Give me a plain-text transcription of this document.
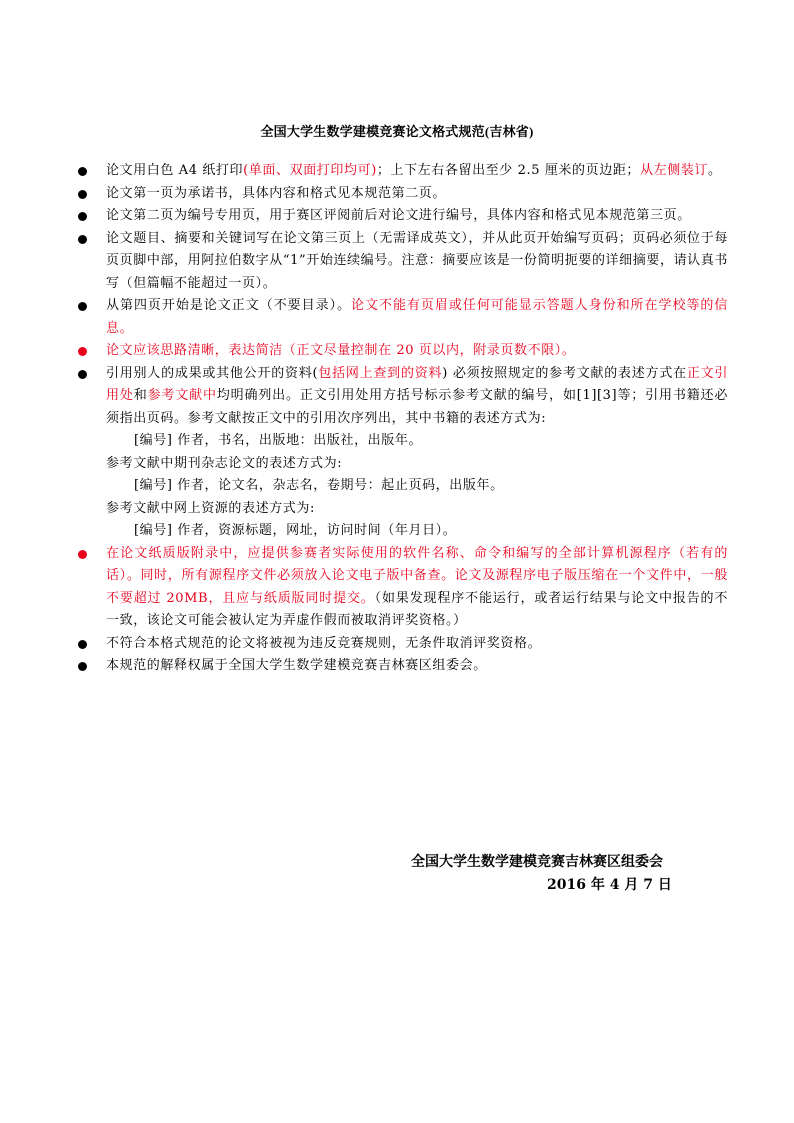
全国大学生数学建模竞赛论文格式规范(吉林省)
论文用白色 A4 纸打印(单面、双面打印均可)；上下左右各留出至少 2.5 厘米的页边距；从左侧装订。
论文第一页为承诺书，具体内容和格式见本规范第二页。
论文第二页为编号专用页，用于赛区评阅前后对论文进行编号，具体内容和格式见本规范第三页。
论文题目、摘要和关键词写在论文第三页上（无需译成英文），并从此页开始编写页码；页码必须位于每页页脚中部，用阿拉伯数字从“1”开始连续编号。注意：摘要应该是一份简明扼要的详细摘要，请认真书写（但篇幅不能超过一页）。
从第四页开始是论文正文（不要目录）。论文不能有页眉或任何可能显示答题人身份和所在学校等的信息。
论文应该思路清晰，表达简洁（正文尽量控制在 20 页以内，附录页数不限）。
引用别人的成果或其他公开的资料(包括网上查到的资料) 必须按照规定的参考文献的表述方式在正文引用处和参考文献中均明确列出。正文引用处用方括号标示参考文献的编号，如[1][3]等；引用书籍还必须指出页码。参考文献按正文中的引用次序列出，其中书籍的表述方式为:
[编号] 作者，书名，出版地：出版社，出版年。
参考文献中期刊杂志论文的表述方式为:
[编号] 作者，论文名，杂志名，卷期号：起止页码，出版年。
参考文献中网上资源的表述方式为:
[编号] 作者，资源标题，网址，访问时间（年月日）。
在论文纸质版附录中，应提供参赛者实际使用的软件名称、命令和编写的全部计算机源程序（若有的话）。同时，所有源程序文件必须放入论文电子版中备查。论文及源程序电子版压缩在一个文件中，一般不要超过 20MB，且应与纸质版同时提交。（如果发现程序不能运行，或者运行结果与论文中报告的不一致，该论文可能会被认定为弄虚作假而被取消评奖资格。）
不符合本格式规范的论文将被视为违反竞赛规则，无条件取消评奖资格。
本规范的解释权属于全国大学生数学建模竞赛吉林赛区组委会。
全国大学生数学建模竞赛吉林赛区组委会
2016 年 4 月 7 日
